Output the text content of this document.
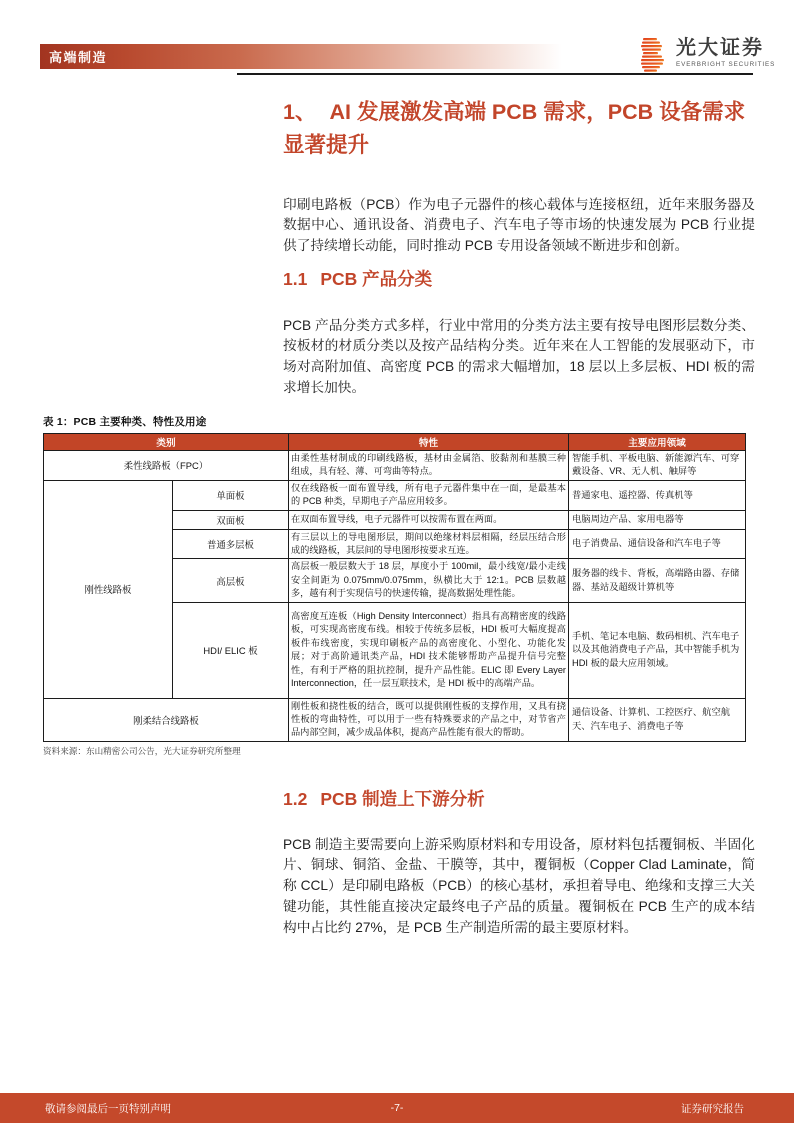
高端制造	光大证券
EVERBRIGHT SECURITIES
1、 AI 发展激发高端 PCB 需求，PCB 设备需求显著提升

印刷电路板（PCB）作为电子元器件的核心载体与连接枢纽，近年来服务器及数据中心、通讯设备、消费电子、汽车电子等市场的快速发展为 PCB 行业提供了持续增长动能，同时推动 PCB 专用设备领域不断进步和创新。

1.1 PCB 产品分类

PCB 产品分类方式多样，行业中常用的分类方法主要有按导电图形层数分类、按板材的材质分类以及按产品结构分类。近年来在人工智能的发展驱动下，市场对高附加值、高密度 PCB 的需求大幅增加，18 层以上多层板、HDI 板的需求增长加快。

表 1：PCB 主要种类、特性及用途
类别		特性	主要应用领域
柔性线路板（FPC）		由柔性基材制成的印刷线路板，基材由金属箔、胶黏剂和基膜三种组成，具有轻、薄、可弯曲等特点。	智能手机、平板电脑、新能源汽车、可穿戴设备、VR、无人机、触屏等
刚性线路板	单面板	仅在线路板一面布置导线，所有电子元器件集中在一面，是最基本的 PCB 种类，早期电子产品应用较多。	普通家电、遥控器、传真机等
	双面板	在双面布置导线，电子元器件可以按需布置在两面。	电脑周边产品、家用电器等
	普通多层板	有三层以上的导电图形层，期间以绝缘材料层相隔，经层压结合形成的线路板，其层间的导电图形按要求互连。	电子消费品、通信设备和汽车电子等
	高层板	高层板一般层数大于 18 层，厚度小于 100mil，最小线宽/最小走线安全间距为 0.075mm/0.075mm，纵横比大于 12:1。PCB 层数越多，越有利于实现信号的快速传输，提高数据处理性能。	服务器的线卡、背板，高端路由器、存储器、基站及超级计算机等
	HDI/ ELIC 板	高密度互连板（High Density Interconnect）指具有高精密度的线路板，可实现高密度布线。相较于传统多层板，HDI 板可大幅度提高板件布线密度，实现印刷板产品的高密度化、小型化、功能化发展；对于高阶通讯类产品，HDI 技术能够帮助产品提升信号完整性，有利于严格的阻抗控制，提升产品性能。ELIC 即 Every Layer Interconnection，任一层互联技术，是 HDI 板中的高端产品。	手机、笔记本电脑、数码相机、汽车电子以及其他消费电子产品，其中智能手机为 HDI 板的最大应用领域。
刚柔结合线路板		刚性板和挠性板的结合，既可以提供刚性板的支撑作用，又具有挠性板的弯曲特性，可以用于一些有特殊要求的产品之中，对节省产品内部空间，减少成品体积，提高产品性能有很大的帮助。	通信设备、计算机、工控医疗、航空航天、汽车电子、消费电子等
资料来源：东山精密公司公告，光大证券研究所整理
1.2 PCB 制造上下游分析

PCB 制造主要需要向上游采购原材料和专用设备，原材料包括覆铜板、半固化片、铜球、铜箔、金盐、干膜等，其中，覆铜板（Copper Clad Laminate，简称 CCL）是印刷电路板（PCB）的核心基材，承担着导电、绝缘和支撑三大关键功能，其性能直接决定最终电子产品的质量。覆铜板在 PCB 生产的成本结构中占比约 27%，是 PCB 生产制造所需的最主要原材料。

敬请参阅最后一页特别声明	-7-	证券研究报告
